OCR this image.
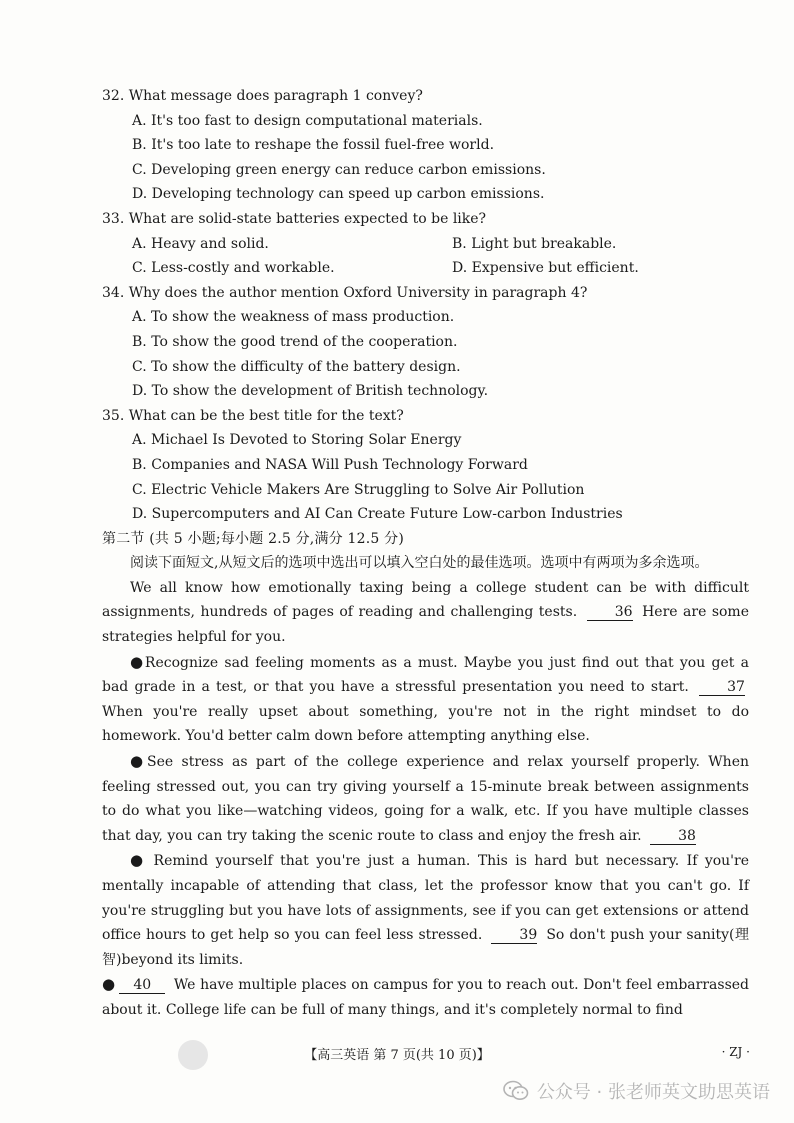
32. What message does paragraph 1 convey?

A. It's too fast to design computational materials.

B. It's too late to reshape the fossil fuel-free world.

C. Developing green energy can reduce carbon emissions.

D. Developing technology can speed up carbon emissions.

33. What are solid-state batteries expected to be like?

A. Heavy and solid.	B. Light but breakable.

C. Less-costly and workable.	D. Expensive but efficient.

34. Why does the author mention Oxford University in paragraph 4?

A. To show the weakness of mass production.

B. To show the good trend of the cooperation.

C. To show the difficulty of the battery design.

D. To show the development of British technology.

35. What can be the best title for the text?

A. Michael Is Devoted to Storing Solar Energy

B. Companies and NASA Will Push Technology Forward

C. Electric Vehicle Makers Are Struggling to Solve Air Pollution

D. Supercomputers and AI Can Create Future Low-carbon Industries

第二节 (共 5 小题;每小题 2.5 分,满分 12.5 分)

阅读下面短文,从短文后的选项中选出可以填入空白处的最佳选项。选项中有两项为多余选项。

We all know how emotionally taxing being a college student can be with difficult assignments, hundreds of pages of reading and challenging tests.	36 Here are some strategies helpful for you.

●Recognize sad feeling moments as a must. Maybe you just find out that you get a bad grade in a test, or that you have a stressful presentation you need to start.	37 When you're really upset about something, you're not in the right mindset to do homework. You'd better calm down before attempting anything else.

●See stress as part of the college experience and relax yourself properly. When feeling stressed out, you can try giving yourself a 15-minute break between assignments to do what you like—watching videos, going for a walk, etc. If you have multiple classes that day, you can try taking the scenic route to class and enjoy the fresh air.	38

● Remind yourself that you're just a human. This is hard but necessary. If you're mentally incapable of attending that class, let the professor know that you can't go. If you're struggling but you have lots of assignments, see if you can get extensions or attend office hours to get help so you can feel less stressed.	39 So don't push your sanity(理智)beyond its limits.

● 40 We have multiple places on campus for you to reach out. Don't feel embarrassed about it. College life can be full of many things, and it's completely normal to find

【高三英语 第 7 页(共 10 页)】	· ZJ ·
公众号 · 张老师英文助思英语
